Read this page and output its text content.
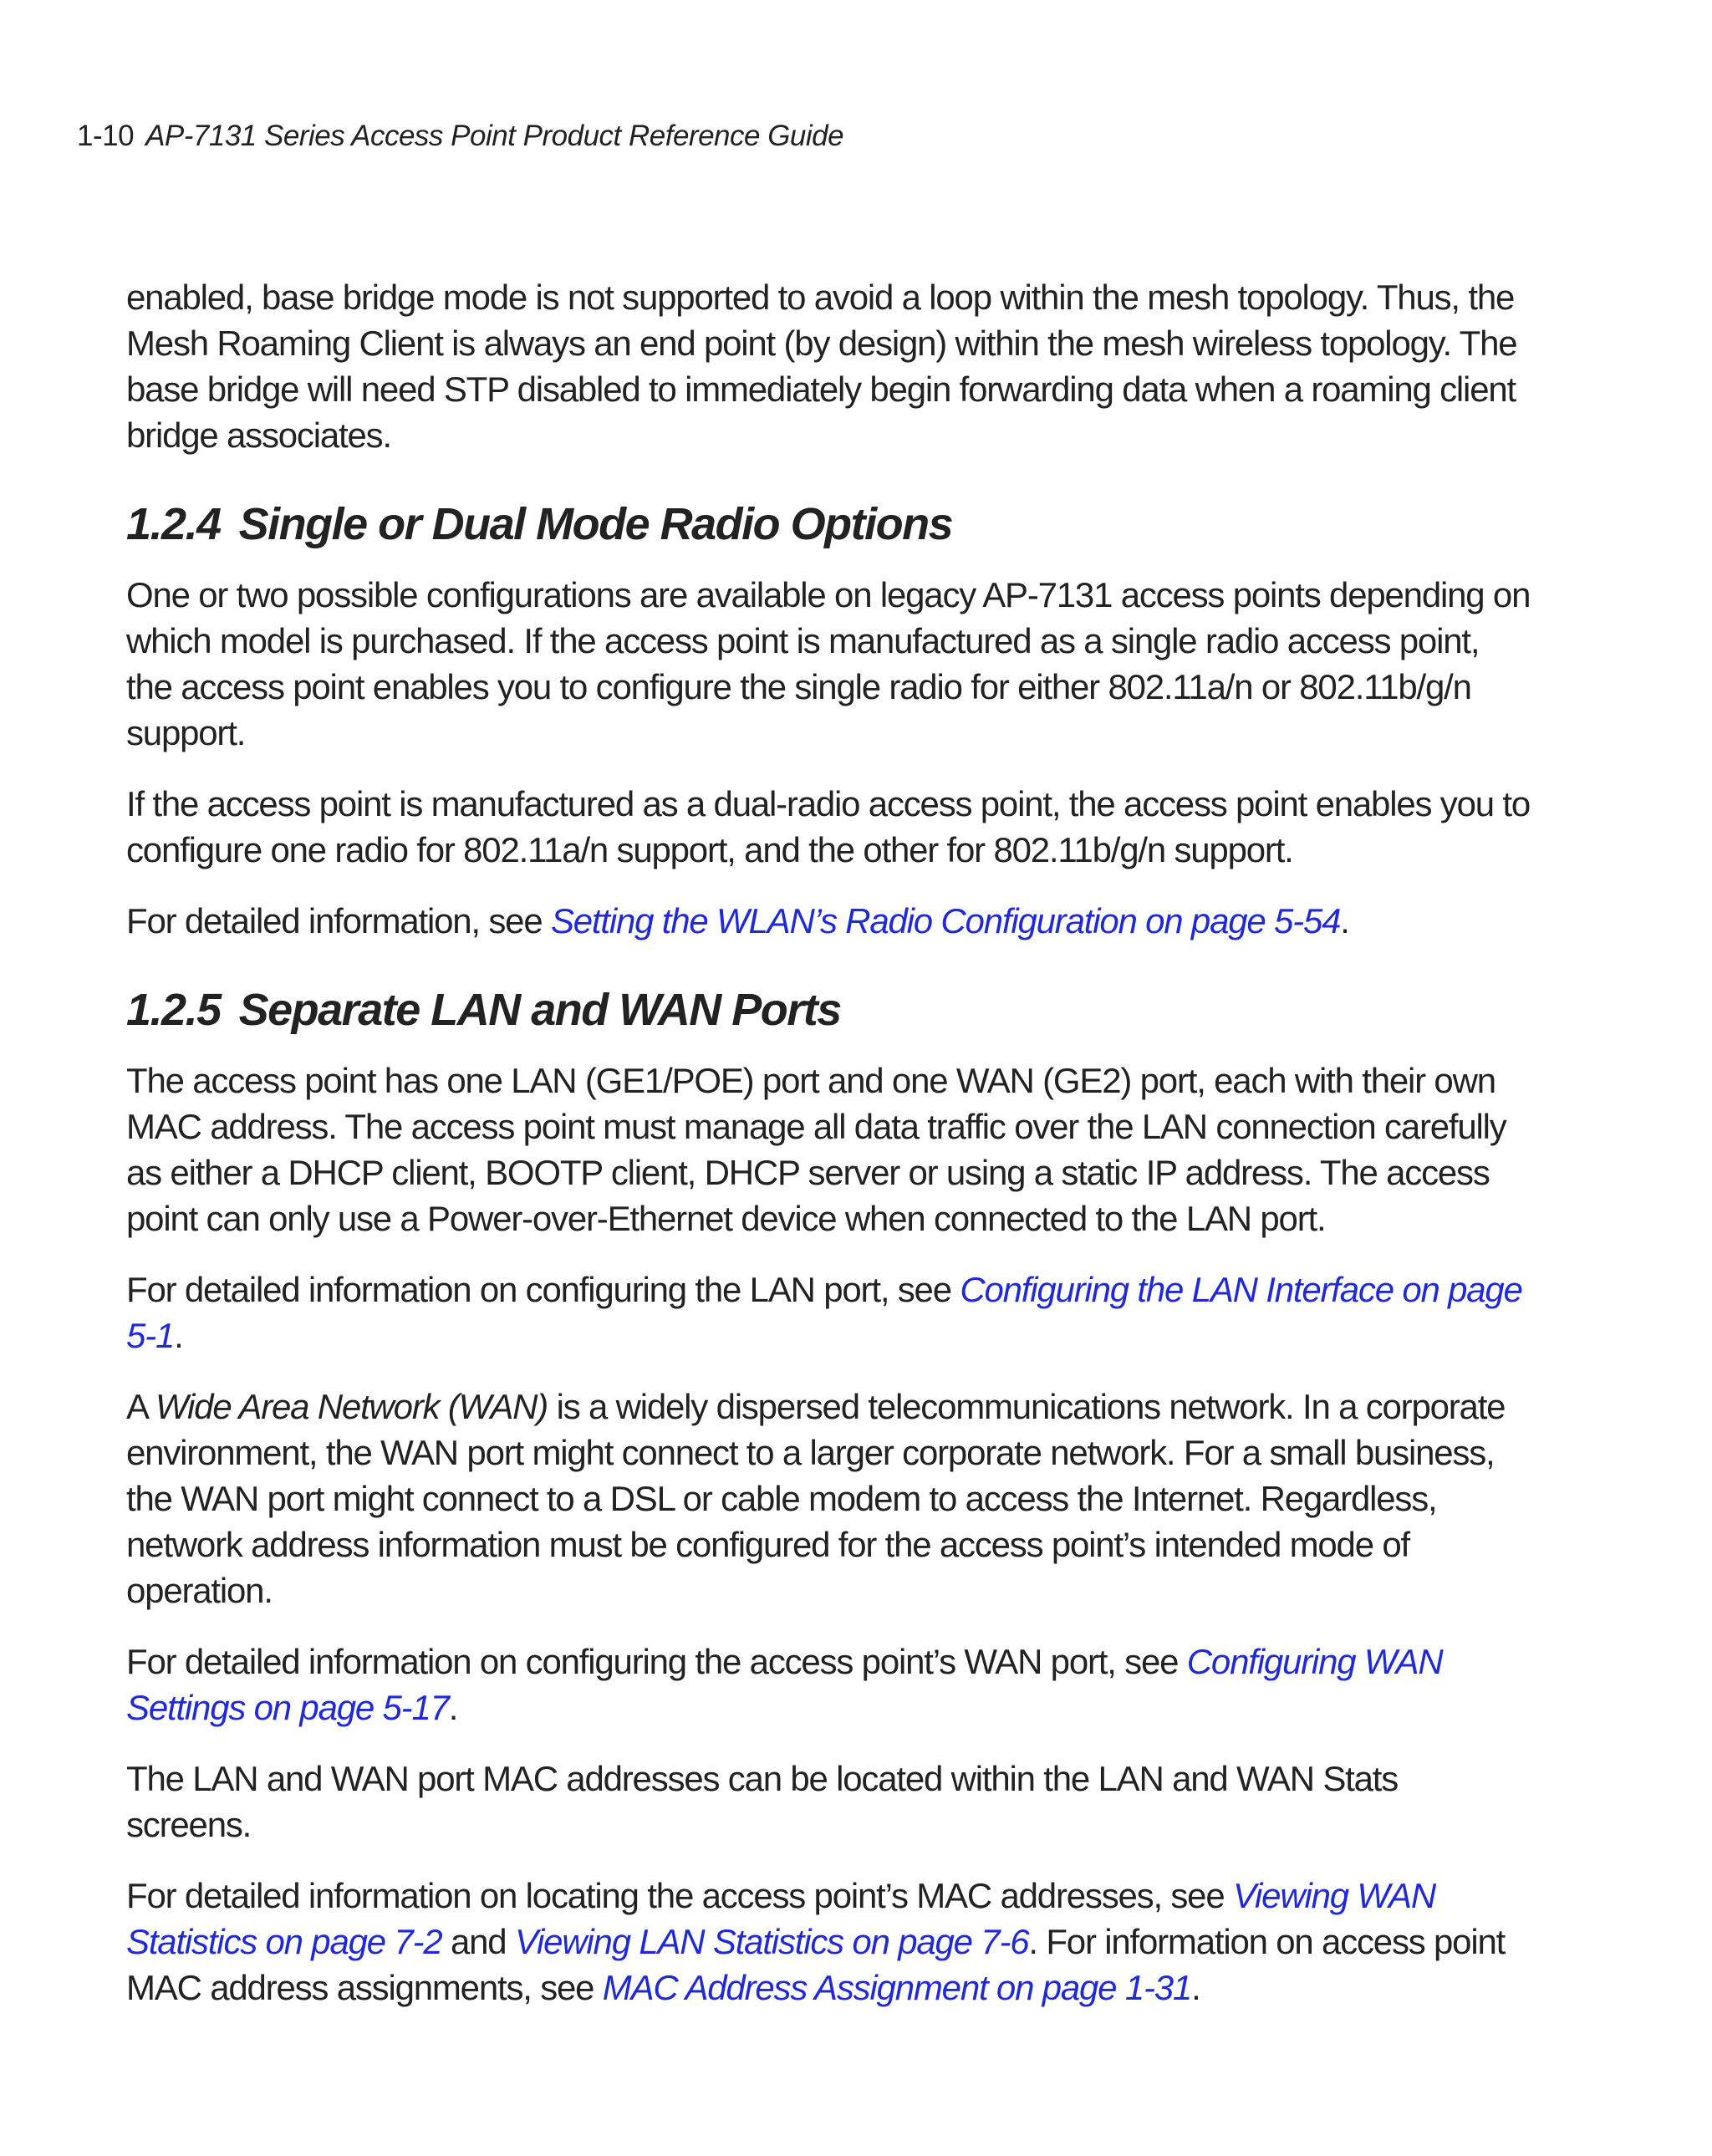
1-10 AP-7131 Series Access Point Product Reference Guide

enabled, base bridge mode is not supported to avoid a loop within the mesh topology. Thus, the Mesh Roaming Client is always an end point (by design) within the mesh wireless topology. The base bridge will need STP disabled to immediately begin forwarding data when a roaming client bridge associates.

1.2.4 Single or Dual Mode Radio Options

One or two possible configurations are available on legacy AP-7131 access points depending on which model is purchased. If the access point is manufactured as a single radio access point, the access point enables you to configure the single radio for either 802.11a/n or 802.11b/g/n support.

If the access point is manufactured as a dual-radio access point, the access point enables you to configure one radio for 802.11a/n support, and the other for 802.11b/g/n support.

For detailed information, see Setting the WLAN’s Radio Configuration on page 5-54.

1.2.5 Separate LAN and WAN Ports

The access point has one LAN (GE1/POE) port and one WAN (GE2) port, each with their own MAC address. The access point must manage all data traffic over the LAN connection carefully as either a DHCP client, BOOTP client, DHCP server or using a static IP address. The access point can only use a Power-over-Ethernet device when connected to the LAN port.

For detailed information on configuring the LAN port, see Configuring the LAN Interface on page 5-1.

A Wide Area Network (WAN) is a widely dispersed telecommunications network. In a corporate environment, the WAN port might connect to a larger corporate network. For a small business, the WAN port might connect to a DSL or cable modem to access the Internet. Regardless, network address information must be configured for the access point’s intended mode of operation.

For detailed information on configuring the access point’s WAN port, see Configuring WAN Settings on page 5-17.

The LAN and WAN port MAC addresses can be located within the LAN and WAN Stats screens.

For detailed information on locating the access point’s MAC addresses, see Viewing WAN Statistics on page 7-2 and Viewing LAN Statistics on page 7-6. For information on access point MAC address assignments, see MAC Address Assignment on page 1-31.
